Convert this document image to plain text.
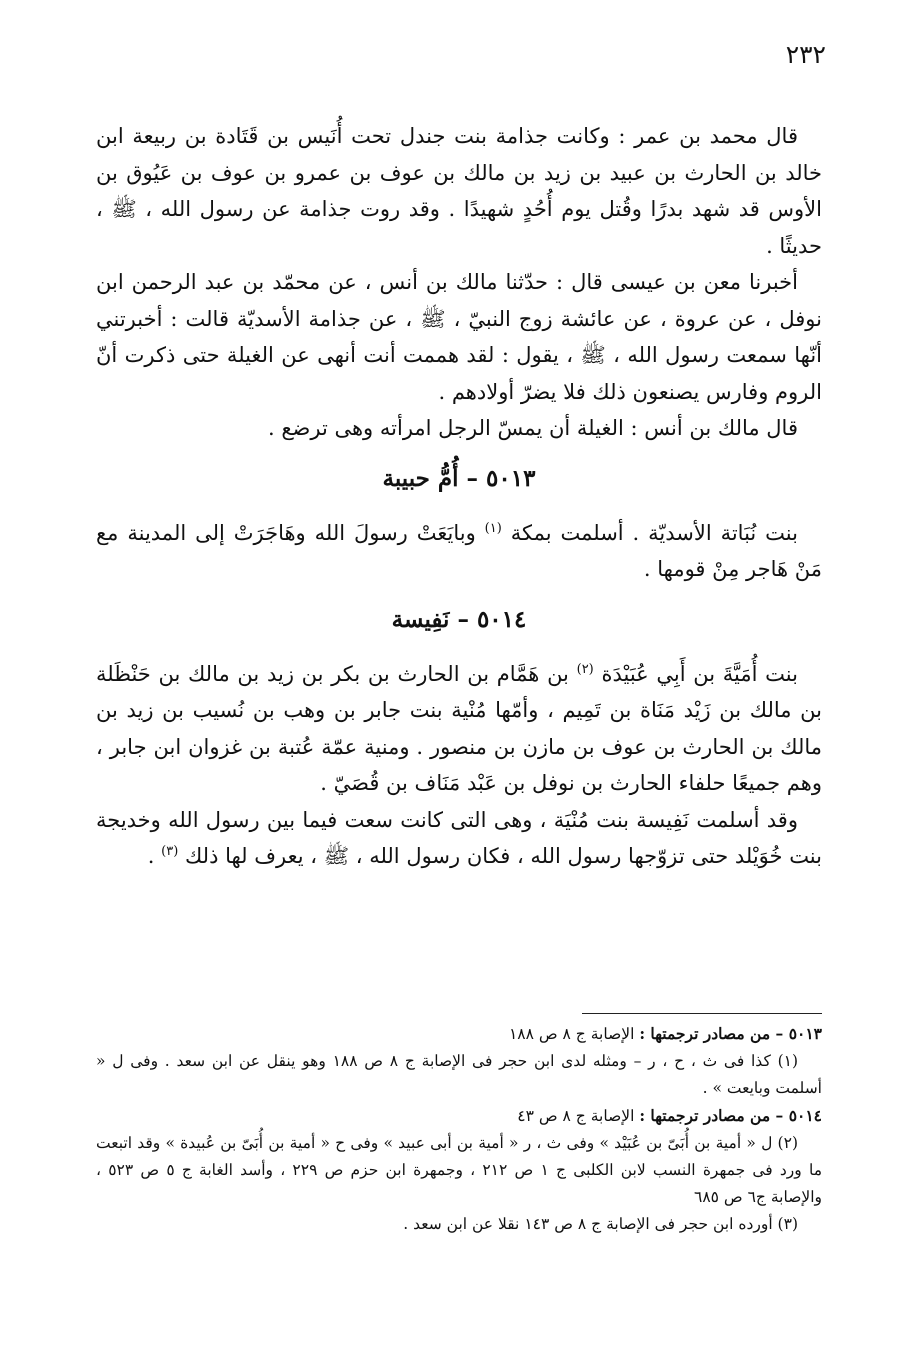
٢٣٢

قال محمد بن عمر : وكانت جذامة بنت جندل تحت أُنَيس بن قَتَادة بن ربيعة ابن خالد بن الحارث بن عبيد بن زيد بن مالك بن عوف بن عمرو بن عوف بن عَيُوق بن الأوس قد شهد بدرًا وقُتل يوم أُحُدٍ شهيدًا . وقد روت جذامة عن رسول الله ، ﷺ ، حديثًا .

أخبرنا معن بن عيسى قال : حدّثنا مالك بن أنس ، عن محمّد بن عبد الرحمن ابن نوفل ، عن عروة ، عن عائشة زوج النبيّ ، ﷺ ، عن جذامة الأسديّة قالت : أخبرتني أنّها سمعت رسول الله ، ﷺ ، يقول : لقد هممت أنت أنهى عن الغيلة حتى ذكرت أنّ الروم وفارس يصنعون ذلك فلا يضرّ أولادهم .

قال مالك بن أنس : الغيلة أن يمسّ الرجل امرأته وهى ترضع .

٥٠١٣ – أُمُّ حبيبة

بنت نُبَاتة الأسديّة . أسلمت بمكة $^{(١)}$ وبايَعَتْ رسولَ الله وهَاجَرَتْ إلى المدينة مع مَنْ هَاجر مِنْ قومها .

٥٠١٤ – نَفِيسة

بنت أُمَيَّةَ بن أَبِي عُبَيْدَة $^{(٢)}$ بن هَمَّام بن الحارث بن بكر بن زيد بن مالك بن حَنْظَلة بن مالك بن زَيْد مَنَاة بن تَمِيم ، وأمّها مُنْية بنت جابر بن وهب بن نُسيب بن زيد بن مالك بن الحارث بن عوف بن مازن بن منصور . ومنية عمّة عُتبة بن غزوان ابن جابر ، وهم جميعًا حلفاء الحارث بن نوفل بن عَبْد مَنَاف بن قُصَيّ .

وقد أسلمت نَفِيسة بنت مُنْيَة ، وهى التى كانت سعت فيما بين رسول الله وخديجة بنت خُوَيْلد حتى تزوّجها رسول الله ، فكان رسول الله ، ﷺ ، يعرف لها ذلك $^{(٣)}$ .

٥٠١٣ – من مصادر ترجمتها : الإصابة ج ٨ ص ١٨٨

(١) كذا فى ث ، ح ، ر – ومثله لدى ابن حجر فى الإصابة ج ٨ ص ١٨٨ وهو ينقل عن ابن سعد . وفى ل « أسلمت وبايعت » .

٥٠١٤ – من مصادر ترجمتها : الإصابة ج ٨ ص ٤٣

(٢) ل « أمية بن أُبَىّ بن عُبَيْد » وفى ث ، ر « أمية بن أبى عبيد » وفى ح « أمية بن أُبَىّ بن عُبيدة » وقد اتبعت ما ورد فى جمهرة النسب لابن الكلبى ج ١ ص ٢١٢ ، وجمهرة ابن حزم ص ٢٢٩ ، وأسد الغابة ج ٥ ص ٥٢٣ ، والإصابة ج٦ ص ٦٨٥

(٣) أورده ابن حجر فى الإصابة ج ٨ ص ١٤٣ نقلا عن ابن سعد .
